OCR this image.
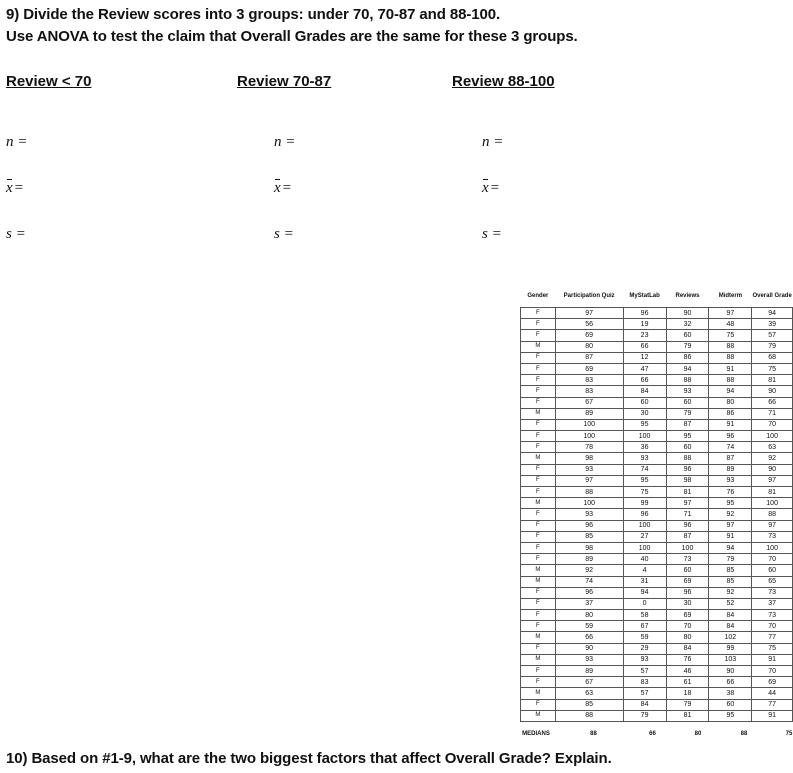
9) Divide the Review scores into 3 groups: under 70, 70-87 and 88-100.
Use ANOVA to test the claim that Overall Grades are the same for these 3 groups.
Review < 70	Review 70-87	Review 88-100
n =	n =	n =
x =	x =	x =
s =	s =	s =
Gender	Participation Quiz	MyStatLab	Reviews	Midterm	Overall Grade
F	97	96	90	97	94
F	56	19	32	48	39
F	69	23	60	75	57
M	80	66	79	88	79
F	87	12	86	88	68
F	69	47	94	91	75
F	83	66	88	88	81
F	83	84	93	94	90
F	67	60	60	80	66
M	89	30	79	86	71
F	100	95	87	91	70
F	100	100	95	96	100
F	78	36	60	74	63
M	98	93	88	87	92
F	93	74	96	89	90
F	97	95	98	93	97
F	88	75	81	76	81
M	100	99	97	95	100
F	93	96	71	92	88
F	96	100	96	97	97
F	85	27	87	91	73
F	98	100	100	94	100
F	89	40	73	79	70
M	92	4	60	85	60
M	74	31	69	85	65
F	96	94	96	92	73
F	37	0	30	52	37
F	80	58	69	84	73
F	59	67	70	84	70
M	66	59	80	102	77
F	90	29	84	99	75
M	93	93	76	103	91
F	89	57	46	90	70
F	67	83	61	66	69
M	63	57	18	38	44
F	85	84	79	60	77
M	88	79	81	95	91
MEDIANS	88	66	80	88	75
10) Based on #1-9, what are the two biggest factors that affect Overall Grade? Explain.
